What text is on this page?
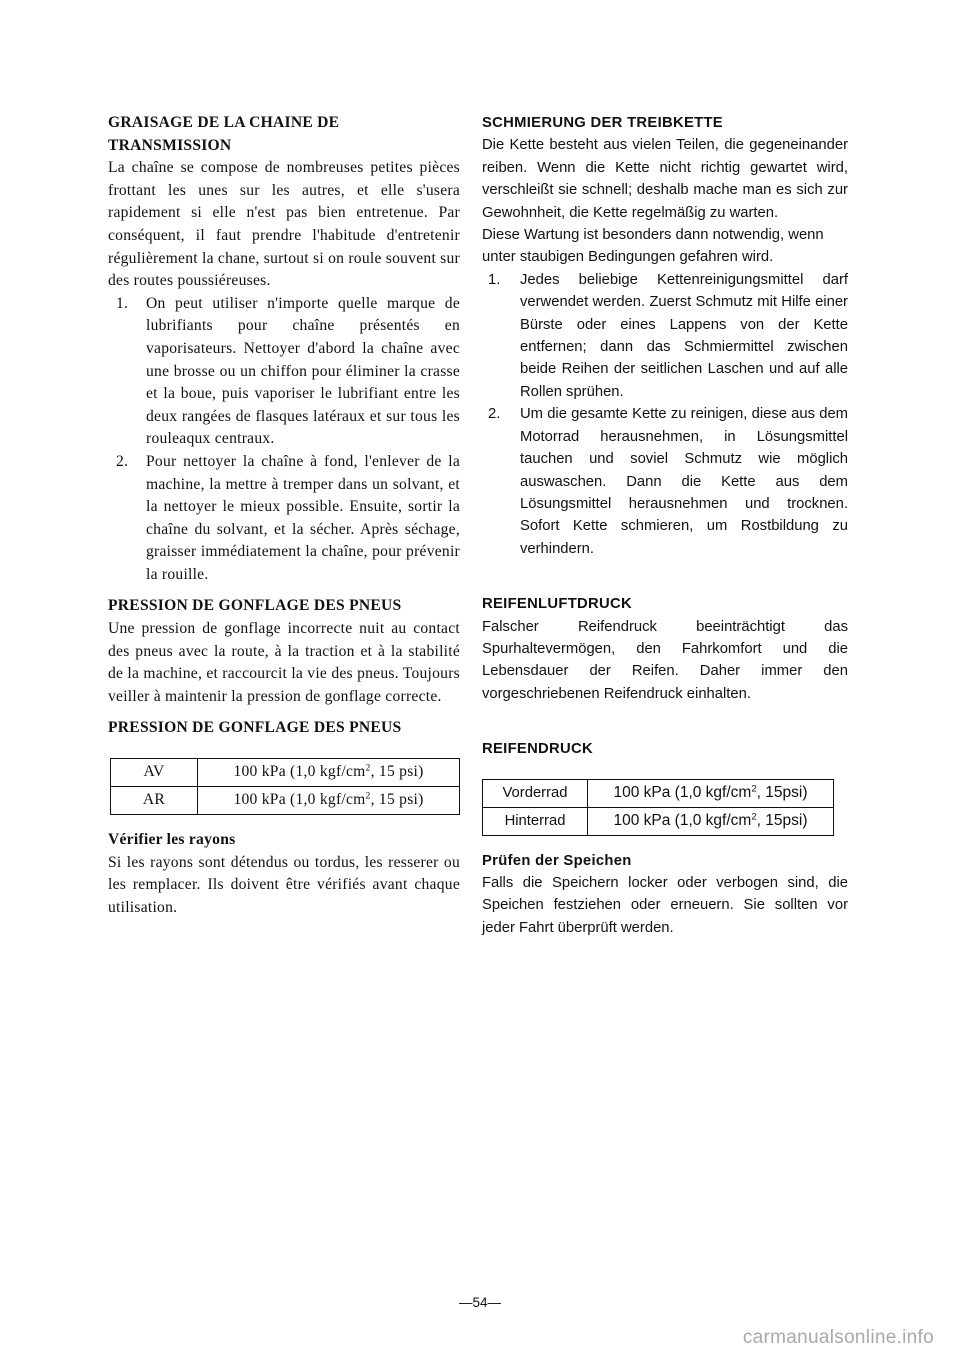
GRAISAGE DE LA CHAINE DE TRANSMISSION

La chaîne se compose de nombreuses petites pièces frottant les unes sur les autres, et elle s'usera rapidement si elle n'est pas bien entretenue. Par conséquent, il faut prendre l'habitude d'entretenir régulièrement la chane, surtout si on roule souvent sur des routes poussiéreuses.

1. On peut utiliser n'importe quelle marque de lubrifiants pour chaîne présentés en vaporisateurs. Nettoyer d'abord la chaîne avec une brosse ou un chiffon pour éliminer la crasse et la boue, puis vaporiser le lubrifiant entre les deux rangées de flasques latéraux et sur tous les rouleaqux centraux.
2. Pour nettoyer la chaîne à fond, l'enlever de la machine, la mettre à tremper dans un solvant, et la nettoyer le mieux possible. Ensuite, sortir la chaîne du solvant, et la sécher. Après séchage, graisser immédiatement la chaîne, pour prévenir la rouille.
PRESSION DE GONFLAGE DES PNEUS

Une pression de gonflage incorrecte nuit au contact des pneus avec la route, à la traction et à la stabilité de la machine, et raccourcit la vie des pneus. Toujours veiller à maintenir la pression de gonflage correcte.

PRESSION DE GONFLAGE DES PNEUS
AV	100 kPa (1,0 kgf/$cm^2$, 15 psi)
AR	100 kPa (1,0 kgf/$cm^2$, 15 psi)
Vérifier les rayons

Si les rayons sont détendus ou tordus, les resserer ou les remplacer. Ils doivent être vérifiés avant chaque utilisation.

SCHMIERUNG DER TREIBKETTE

Die Kette besteht aus vielen Teilen, die gegeneinander reiben. Wenn die Kette nicht richtig gewartet wird, verschleißt sie schnell; deshalb mache man es sich zur Gewohnheit, die Kette regelmäßig zu warten.

Diese Wartung ist besonders dann notwendig, wenn unter staubigen Bedingungen gefahren wird.

1. Jedes beliebige Kettenreinigungsmittel darf verwendet werden. Zuerst Schmutz mit Hilfe einer Bürste oder eines Lappens von der Kette entfernen; dann das Schmiermittel zwischen beide Reihen der seitlichen Laschen und auf alle Rollen sprühen.
2. Um die gesamte Kette zu reinigen, diese aus dem Motorrad herausnehmen, in Lösungsmittel tauchen und soviel Schmutz wie möglich auswaschen. Dann die Kette aus dem Lösungsmittel herausnehmen und trocknen. Sofort Kette schmieren, um Rostbildung zu verhindern.
REIFENLUFTDRUCK

Falscher Reifendruck beeinträchtigt das Spurhaltevermögen, den Fahrkomfort und die Lebensdauer der Reifen. Daher immer den vorgeschriebenen Reifendruck einhalten.

REIFENDRUCK
Vorderrad	100 kPa (1,0 kgf/$cm^2$, 15psi)
Hinterrad	100 kPa (1,0 kgf/$cm^2$, 15psi)
Prüfen der Speichen

Falls die Speichern locker oder verbogen sind, die Speichen festziehen oder erneuern. Sie sollten vor jeder Fahrt überprüft werden.

—54—
carmanualsonline.info
